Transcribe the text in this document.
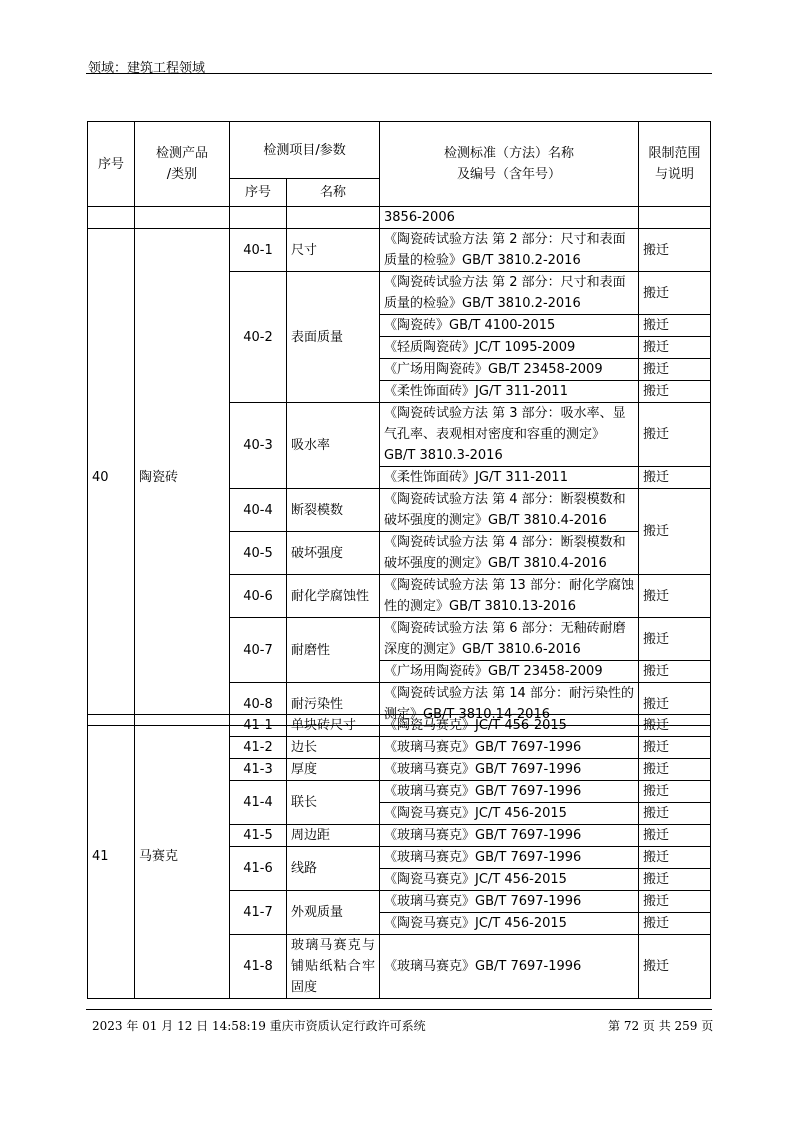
领域：建筑工程领域
序号	检测产品
/类别	检测项目/参数		检测标准（方法）名称
及编号（含年号）	限制范围
与说明
		序号	名称		
				3856-2006	
40	陶瓷砖	40-1	尺寸	《陶瓷砖试验方法 第 2 部分：尺寸和表面质量的检验》GB/T 3810.2-2016	搬迁
		40-2	表面质量	《陶瓷砖试验方法 第 2 部分：尺寸和表面质量的检验》GB/T 3810.2-2016	搬迁
				《陶瓷砖》GB/T 4100-2015	搬迁
				《轻质陶瓷砖》JC/T 1095-2009	搬迁
				《广场用陶瓷砖》GB/T 23458-2009	搬迁
				《柔性饰面砖》JG/T 311-2011	搬迁
		40-3	吸水率	《陶瓷砖试验方法 第 3 部分：吸水率、显气孔率、表观相对密度和容重的测定》GB/T 3810.3-2016	搬迁
				《柔性饰面砖》JG/T 311-2011	搬迁
		40-4	断裂模数	《陶瓷砖试验方法 第 4 部分：断裂模数和破坏强度的测定》GB/T 3810.4-2016	搬迁
		40-5	破坏强度	《陶瓷砖试验方法 第 4 部分：断裂模数和破坏强度的测定》GB/T 3810.4-2016	
		40-6	耐化学腐蚀性	《陶瓷砖试验方法 第 13 部分：耐化学腐蚀性的测定》GB/T 3810.13-2016	搬迁
		40-7	耐磨性	《陶瓷砖试验方法 第 6 部分：无釉砖耐磨深度的测定》GB/T 3810.6-2016	搬迁
				《广场用陶瓷砖》GB/T 23458-2009	搬迁
		40-8	耐污染性	《陶瓷砖试验方法 第 14 部分：耐污染性的测定》GB/T 3810.14-2016	搬迁
41	马赛克	41-1	单块砖尺寸	《陶瓷马赛克》JC/T 456-2015	搬迁
		41-2	边长	《玻璃马赛克》GB/T 7697-1996	搬迁
		41-3	厚度	《玻璃马赛克》GB/T 7697-1996	搬迁
		41-4	联长	《玻璃马赛克》GB/T 7697-1996	搬迁
				《陶瓷马赛克》JC/T 456-2015	搬迁
		41-5	周边距	《玻璃马赛克》GB/T 7697-1996	搬迁
		41-6	线路	《玻璃马赛克》GB/T 7697-1996	搬迁
				《陶瓷马赛克》JC/T 456-2015	搬迁
		41-7	外观质量	《玻璃马赛克》GB/T 7697-1996	搬迁
				《陶瓷马赛克》JC/T 456-2015	搬迁
		41-8	玻璃马赛克与铺贴纸粘合牢固度	《玻璃马赛克》GB/T 7697-1996	搬迁
2023 年 01 月 12 日 14:58:19 重庆市资质认定行政许可系统	第 72 页 共 259 页
